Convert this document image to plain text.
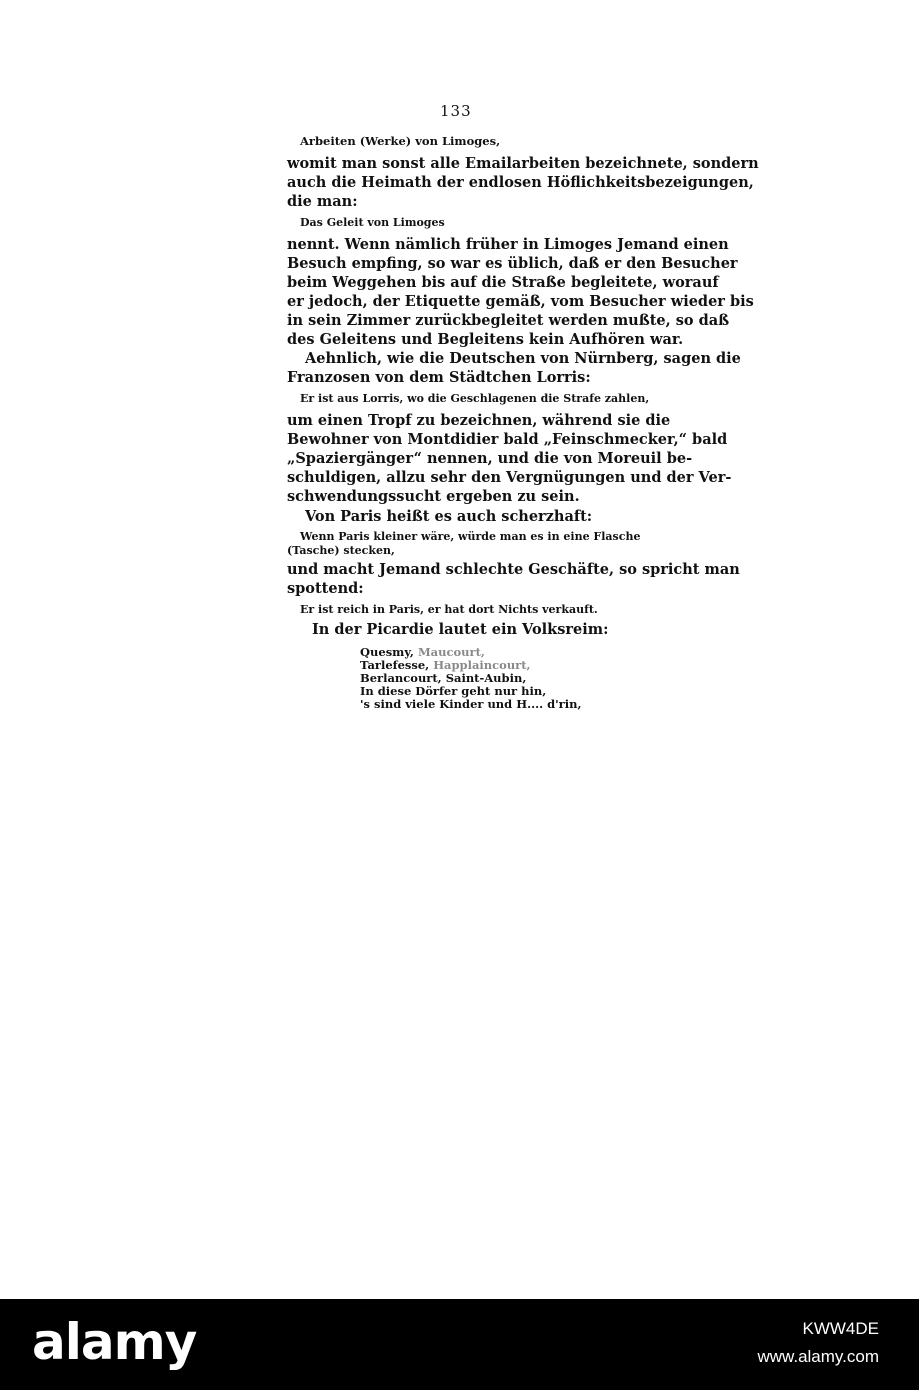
133
Arbeiten (Werke) von Limoges,
womit man sonst alle Emailarbeiten bezeichnete, sondern
auch die Heimath der endlosen Höflichkeitsbezeigungen,
die man:
Das Geleit von Limoges
nennt. Wenn nämlich früher in Limoges Jemand einen
Besuch empfing, so war es üblich, daß er den Besucher
beim Weggehen bis auf die Straße begleitete, worauf
er jedoch, der Etiquette gemäß, vom Besucher wieder bis
in sein Zimmer zurückbegleitet werden mußte, so daß
des Geleitens und Begleitens kein Aufhören war.
Aehnlich, wie die Deutschen von Nürnberg, sagen die
Franzosen von dem Städtchen Lorris:
Er ist aus Lorris, wo die Geschlagenen die Strafe zahlen,
um einen Tropf zu bezeichnen, während sie die
Bewohner von Montdidier bald „Feinschmecker,“ bald
„Spaziergänger“ nennen, und die von Moreuil be-
schuldigen, allzu sehr den Vergnügungen und der Ver-
schwendungssucht ergeben zu sein.
Von Paris heißt es auch scherzhaft:
Wenn Paris kleiner wäre, würde man es in eine Flasche
(Tasche) stecken,
und macht Jemand schlechte Geschäfte, so spricht man
spottend:
Er ist reich in Paris, er hat dort Nichts verkauft.
In der Picardie lautet ein Volksreim:
Quesmy, Maucourt,
Tarlefesse, Happlaincourt,
Berlancourt, Saint-Aubin,
In diese Dörfer geht nur hin,
's sind viele Kinder und H.... d'rin,
alamy	KWW4DE
www.alamy.com
